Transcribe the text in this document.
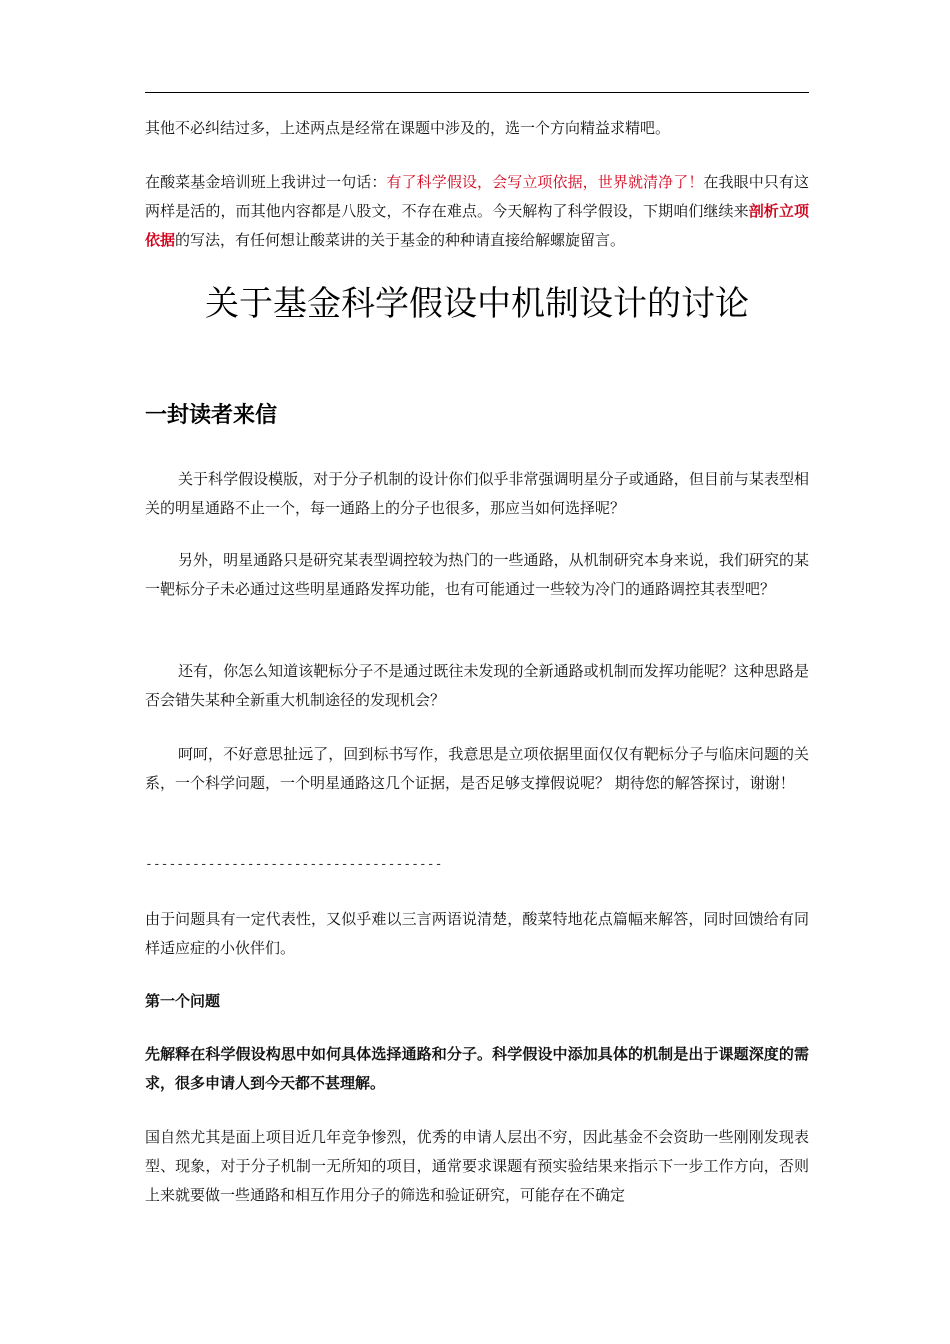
其他不必纠结过多，上述两点是经常在课题中涉及的，选一个方向精益求精吧。

在酸菜基金培训班上我讲过一句话：有了科学假设，会写立项依据，世界就清净了！在我眼中只有这两样是活的，而其他内容都是八股文，不存在难点。今天解构了科学假设，下期咱们继续来剖析立项依据的写法，有任何想让酸菜讲的关于基金的种种请直接给解螺旋留言。

关于基金科学假设中机制设计的讨论
一封读者来信

关于科学假设模版，对于分子机制的设计你们似乎非常强调明星分子或通路，但目前与某表型相关的明星通路不止一个，每一通路上的分子也很多，那应当如何选择呢？

另外，明星通路只是研究某表型调控较为热门的一些通路，从机制研究本身来说，我们研究的某一靶标分子未必通过这些明星通路发挥功能，也有可能通过一些较为冷门的通路调控其表型吧？

还有，你怎么知道该靶标分子不是通过既往未发现的全新通路或机制而发挥功能呢？这种思路是否会错失某种全新重大机制途径的发现机会？

呵呵，不好意思扯远了，回到标书写作，我意思是立项依据里面仅仅有靶标分子与临床问题的关系，一个科学问题，一个明星通路这几个证据，是否足够支撑假说呢？ 期待您的解答探讨，谢谢！

--------------------------------------

由于问题具有一定代表性，又似乎难以三言两语说清楚，酸菜特地花点篇幅来解答，同时回馈给有同样适应症的小伙伴们。

第一个问题

先解释在科学假设构思中如何具体选择通路和分子。科学假设中添加具体的机制是出于课题深度的需求，很多申请人到今天都不甚理解。

国自然尤其是面上项目近几年竞争惨烈，优秀的申请人层出不穷，因此基金不会资助一些刚刚发现表型、现象，对于分子机制一无所知的项目，通常要求课题有预实验结果来指示下一步工作方向，否则上来就要做一些通路和相互作用分子的筛选和验证研究，可能存在不确定
